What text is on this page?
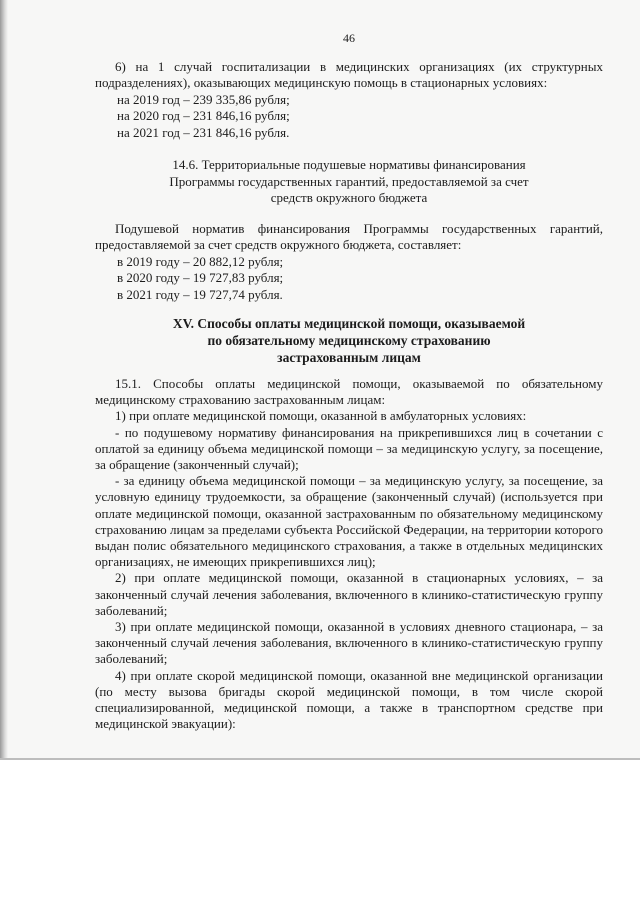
46

6) на 1 случай госпитализации в медицинских организациях (их структурных подразделениях), оказывающих медицинскую помощь в стационарных условиях:

на 2019 год – 239 335,86 рубля;
на 2020 год – 231 846,16 рубля;
на 2021 год – 231 846,16 рубля.
14.6. Территориальные подушевые нормативы финансирования
Программы государственных гарантий, предоставляемой за счет
средств окружного бюджета

Подушевой норматив финансирования Программы государственных гарантий, предоставляемой за счет средств окружного бюджета, составляет:

в 2019 году – 20 882,12 рубля;
в 2020 году – 19 727,83 рубля;
в 2021 году – 19 727,74 рубля.
XV. Способы оплаты медицинской помощи, оказываемой
по обязательному медицинскому страхованию
застрахованным лицам

15.1. Способы оплаты медицинской помощи, оказываемой по обязательному медицинскому страхованию застрахованным лицам:

1) при оплате медицинской помощи, оказанной в амбулаторных условиях:

- по подушевому нормативу финансирования на прикрепившихся лиц в сочетании с оплатой за единицу объема медицинской помощи – за медицинскую услугу, за посещение, за обращение (законченный случай);

- за единицу объема медицинской помощи – за медицинскую услугу, за посещение, за условную единицу трудоемкости, за обращение (законченный случай) (используется при оплате медицинской помощи, оказанной застрахованным по обязательному медицинскому страхованию лицам за пределами субъекта Российской Федерации, на территории которого выдан полис обязательного медицинского страхования, а также в отдельных медицинских организациях, не имеющих прикрепившихся лиц);

2) при оплате медицинской помощи, оказанной в стационарных условиях, – за законченный случай лечения заболевания, включенного в клинико-статистическую группу заболеваний;

3) при оплате медицинской помощи, оказанной в условиях дневного стационара, – за законченный случай лечения заболевания, включенного в клинико-статистическую группу заболеваний;

4) при оплате скорой медицинской помощи, оказанной вне медицинской организации (по месту вызова бригады скорой медицинской помощи, в том числе скорой специализированной, медицинской помощи, а также в транспортном средстве при медицинской эвакуации):
